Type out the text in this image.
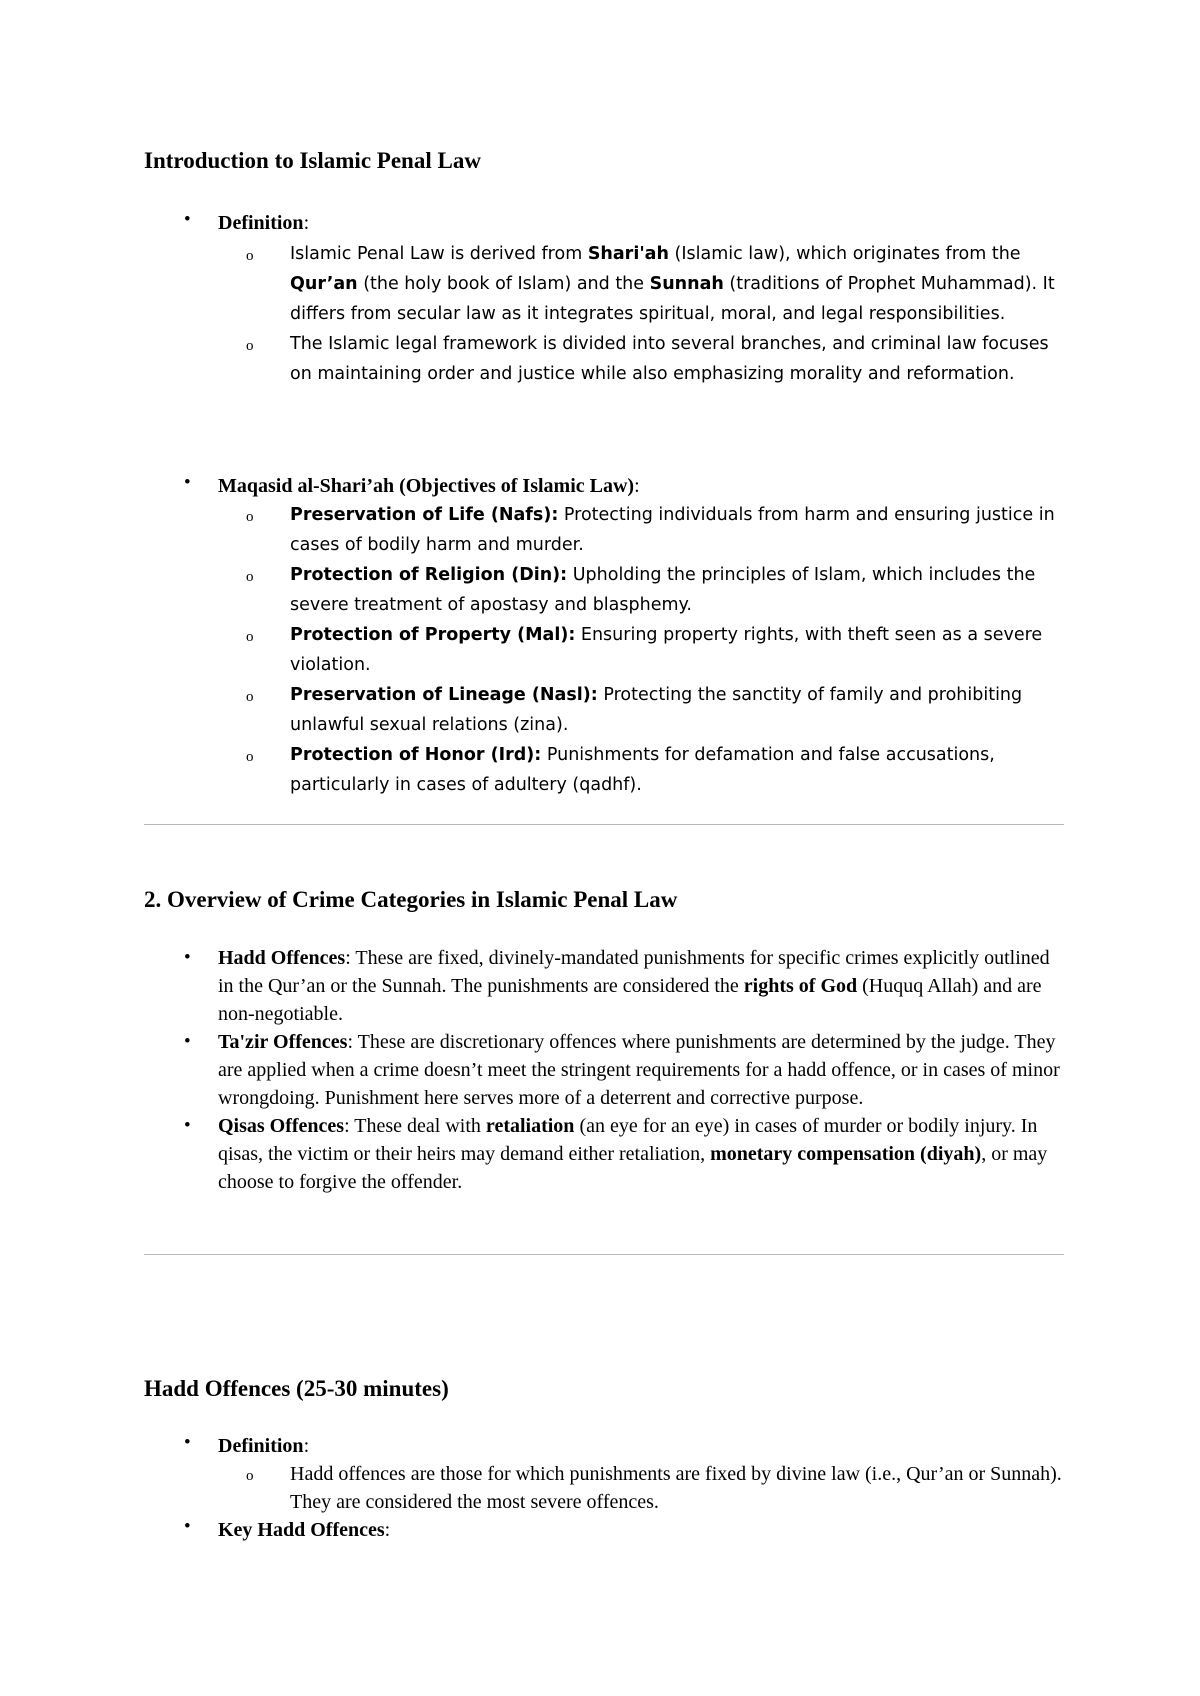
Introduction to Islamic Penal Law
• Definition:
o Islamic Penal Law is derived from Shari'ah (Islamic law), which originates from the Qur’an (the holy book of Islam) and the Sunnah (traditions of Prophet Muhammad). It differs from secular law as it integrates spiritual, moral, and legal responsibilities.
o The Islamic legal framework is divided into several branches, and criminal law focuses on maintaining order and justice while also emphasizing morality and reformation.
• Maqasid al-Shari’ah (Objectives of Islamic Law):
o Preservation of Life (Nafs): Protecting individuals from harm and ensuring justice in cases of bodily harm and murder.
o Protection of Religion (Din): Upholding the principles of Islam, which includes the severe treatment of apostasy and blasphemy.
o Protection of Property (Mal): Ensuring property rights, with theft seen as a severe violation.
o Preservation of Lineage (Nasl): Protecting the sanctity of family and prohibiting unlawful sexual relations (zina).
o Protection of Honor (Ird): Punishments for defamation and false accusations, particularly in cases of adultery (qadhf).
2. Overview of Crime Categories in Islamic Penal Law
• Hadd Offences: These are fixed, divinely-mandated punishments for specific crimes explicitly outlined in the Qur’an or the Sunnah. The punishments are considered the rights of God (Huquq Allah) and are non-negotiable.
• Ta'zir Offences: These are discretionary offences where punishments are determined by the judge. They are applied when a crime doesn’t meet the stringent requirements for a hadd offence, or in cases of minor wrongdoing. Punishment here serves more of a deterrent and corrective purpose.
• Qisas Offences: These deal with retaliation (an eye for an eye) in cases of murder or bodily injury. In qisas, the victim or their heirs may demand either retaliation, monetary compensation (diyah), or may choose to forgive the offender.
Hadd Offences (25-30 minutes)
• Definition:
o Hadd offences are those for which punishments are fixed by divine law (i.e., Qur’an or Sunnah). They are considered the most severe offences.
• Key Hadd Offences:
